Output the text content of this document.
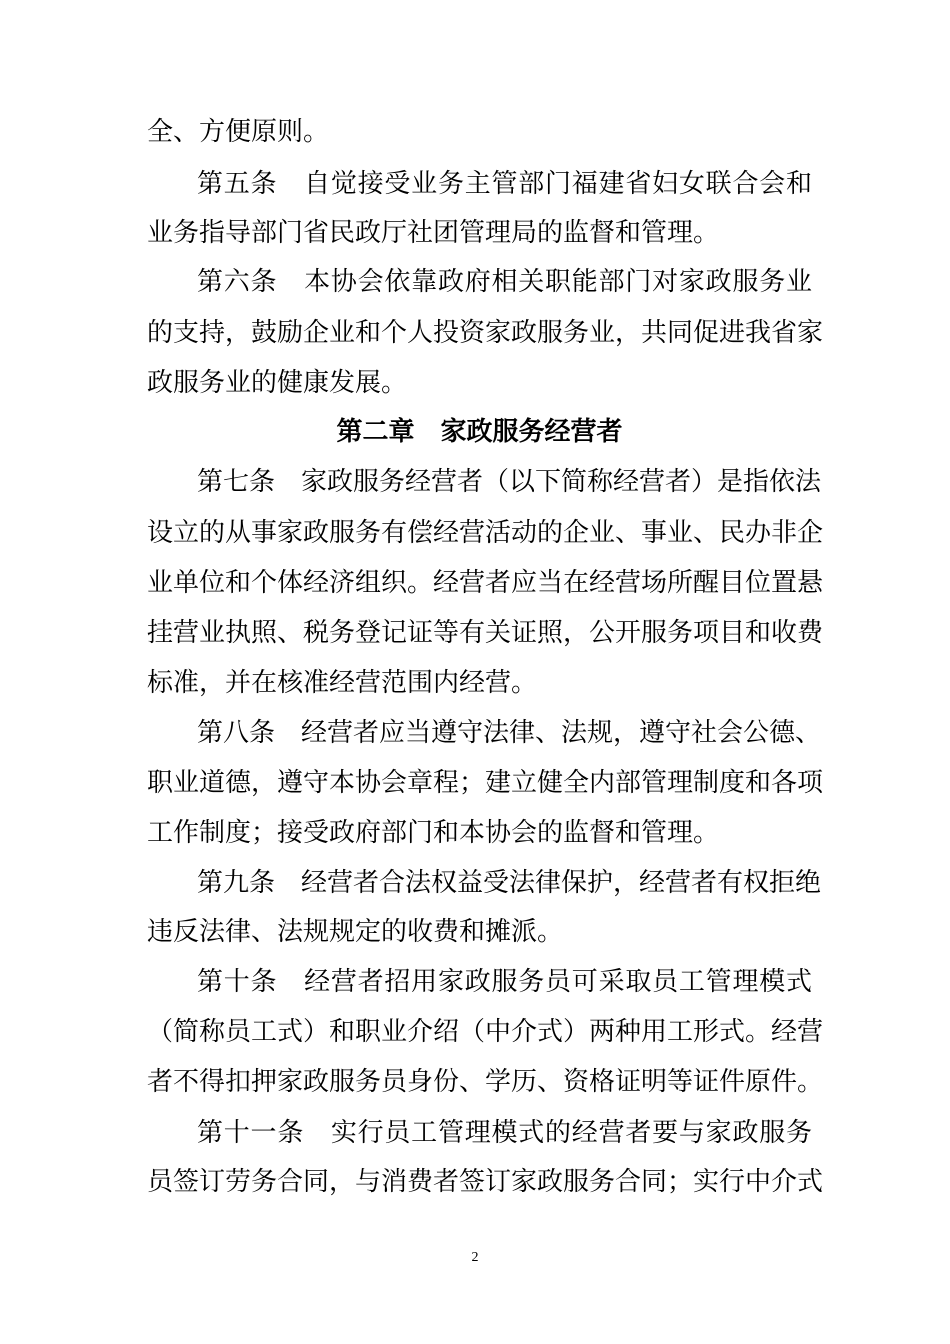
全、方便原则。
第五条　自觉接受业务主管部门福建省妇女联合会和
业务指导部门省民政厅社团管理局的监督和管理。
第六条　本协会依靠政府相关职能部门对家政服务业
的支持，鼓励企业和个人投资家政服务业，共同促进我省家
政服务业的健康发展。
第二章 家政服务经营者
第七条　家政服务经营者（以下简称经营者）是指依法
设立的从事家政服务有偿经营活动的企业、事业、民办非企
业单位和个体经济组织。经营者应当在经营场所醒目位置悬
挂营业执照、税务登记证等有关证照，公开服务项目和收费
标准，并在核准经营范围内经营。
第八条　经营者应当遵守法律、法规，遵守社会公德、
职业道德，遵守本协会章程；建立健全内部管理制度和各项
工作制度；接受政府部门和本协会的监督和管理。
第九条　经营者合法权益受法律保护，经营者有权拒绝
违反法律、法规规定的收费和摊派。
第十条　经营者招用家政服务员可采取员工管理模式
（简称员工式）和职业介绍（中介式）两种用工形式。经营
者不得扣押家政服务员身份、学历、资格证明等证件原件。
第十一条　实行员工管理模式的经营者要与家政服务
员签订劳务合同，与消费者签订家政服务合同；实行中介式
2
